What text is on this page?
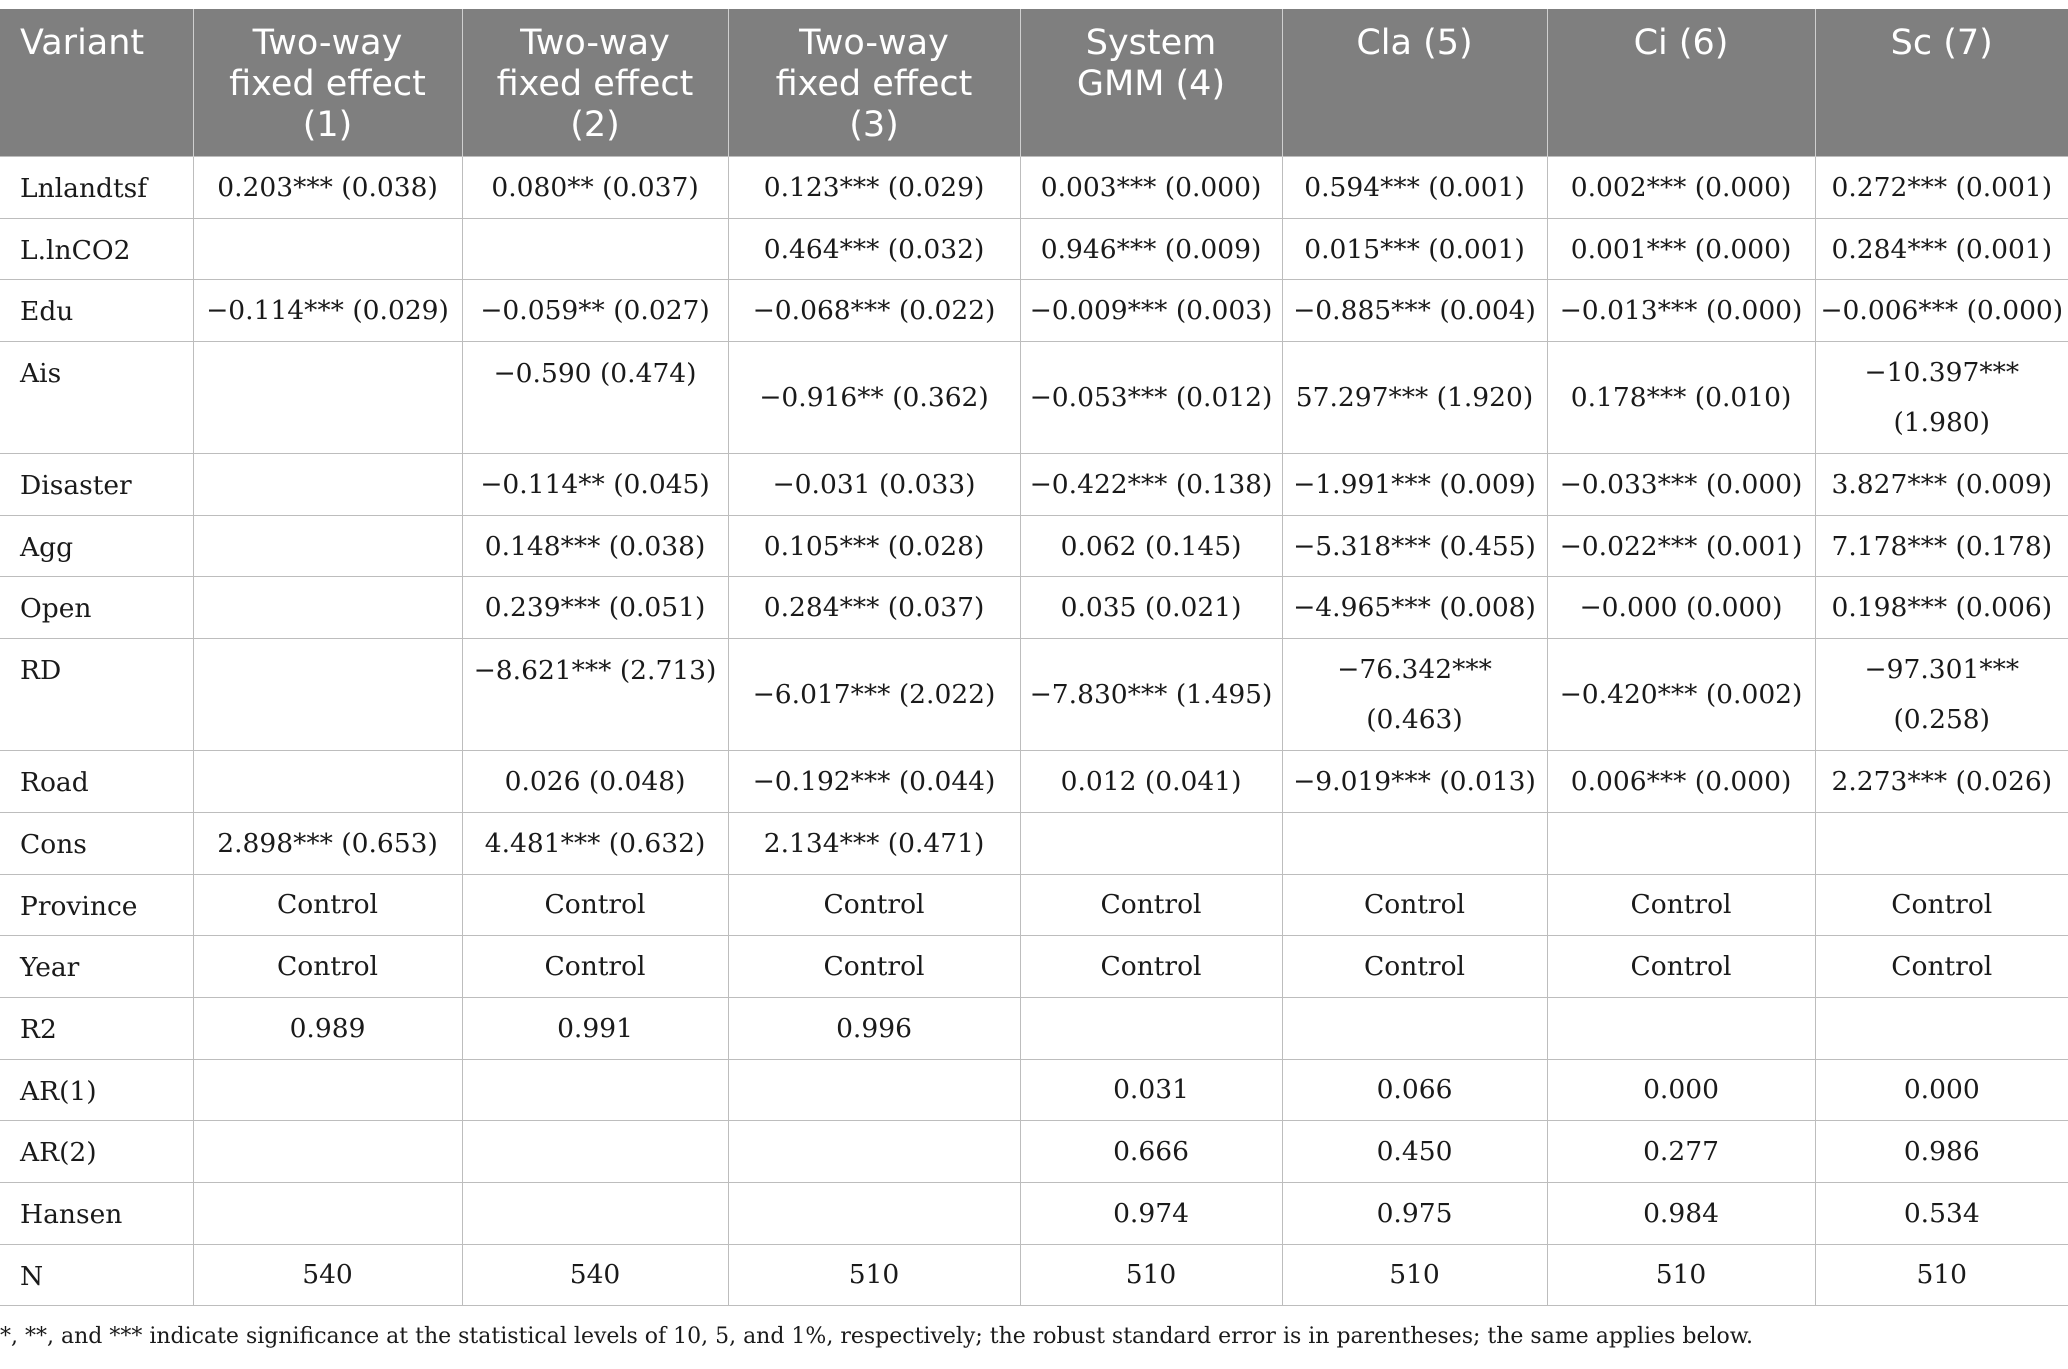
Variant	Two-way fixed effect (1)	Two-way fixed effect (2)	Two-way fixed effect (3)	System GMM (4)	Cla (5)	Ci (6)	Sc (7)
Lnlandtsf	0.203*** (0.038)	0.080** (0.037)	0.123*** (0.029)	0.003*** (0.000)	0.594*** (0.001)	0.002*** (0.000)	0.272*** (0.001)
L.lnCO2			0.464*** (0.032)	0.946*** (0.009)	0.015*** (0.001)	0.001*** (0.000)	0.284*** (0.001)
Edu	−0.114*** (0.029)	−0.059** (0.027)	−0.068*** (0.022)	−0.009*** (0.003)	−0.885*** (0.004)	−0.013*** (0.000)	−0.006*** (0.000)
Ais		−0.590 (0.474)	−0.916** (0.362)	−0.053*** (0.012)	57.297*** (1.920)	0.178*** (0.010)	−10.397*** (1.980)

Disaster		−0.114** (0.045)	−0.031 (0.033)	−0.422*** (0.138)	−1.991*** (0.009)	−0.033*** (0.000)	3.827*** (0.009)
Agg		0.148*** (0.038)	0.105*** (0.028)	0.062 (0.145)	−5.318*** (0.455)	−0.022*** (0.001)	7.178*** (0.178)
Open		0.239*** (0.051)	0.284*** (0.037)	0.035 (0.021)	−4.965*** (0.008)	−0.000 (0.000)	0.198*** (0.006)
RD		−8.621*** (2.713)	−6.017*** (2.022)	−7.830*** (1.495)	−76.342*** (0.463)	−0.420*** (0.002)	−97.301*** (0.258)

Road		0.026 (0.048)	−0.192*** (0.044)	0.012 (0.041)	−9.019*** (0.013)	0.006*** (0.000)	2.273*** (0.026)
Cons	2.898*** (0.653)	4.481*** (0.632)	2.134*** (0.471)				
Province	Control	Control	Control	Control	Control	Control	Control
Year	Control	Control	Control	Control	Control	Control	Control
R2	0.989	0.991	0.996				
AR(1)				0.031	0.066	0.000	0.000
AR(2)				0.666	0.450	0.277	0.986
Hansen				0.974	0.975	0.984	0.534
N	540	540	510	510	510	510	510
*, **, and *** indicate significance at the statistical levels of 10, 5, and 1%, respectively; the robust standard error is in parentheses; the same applies below.
